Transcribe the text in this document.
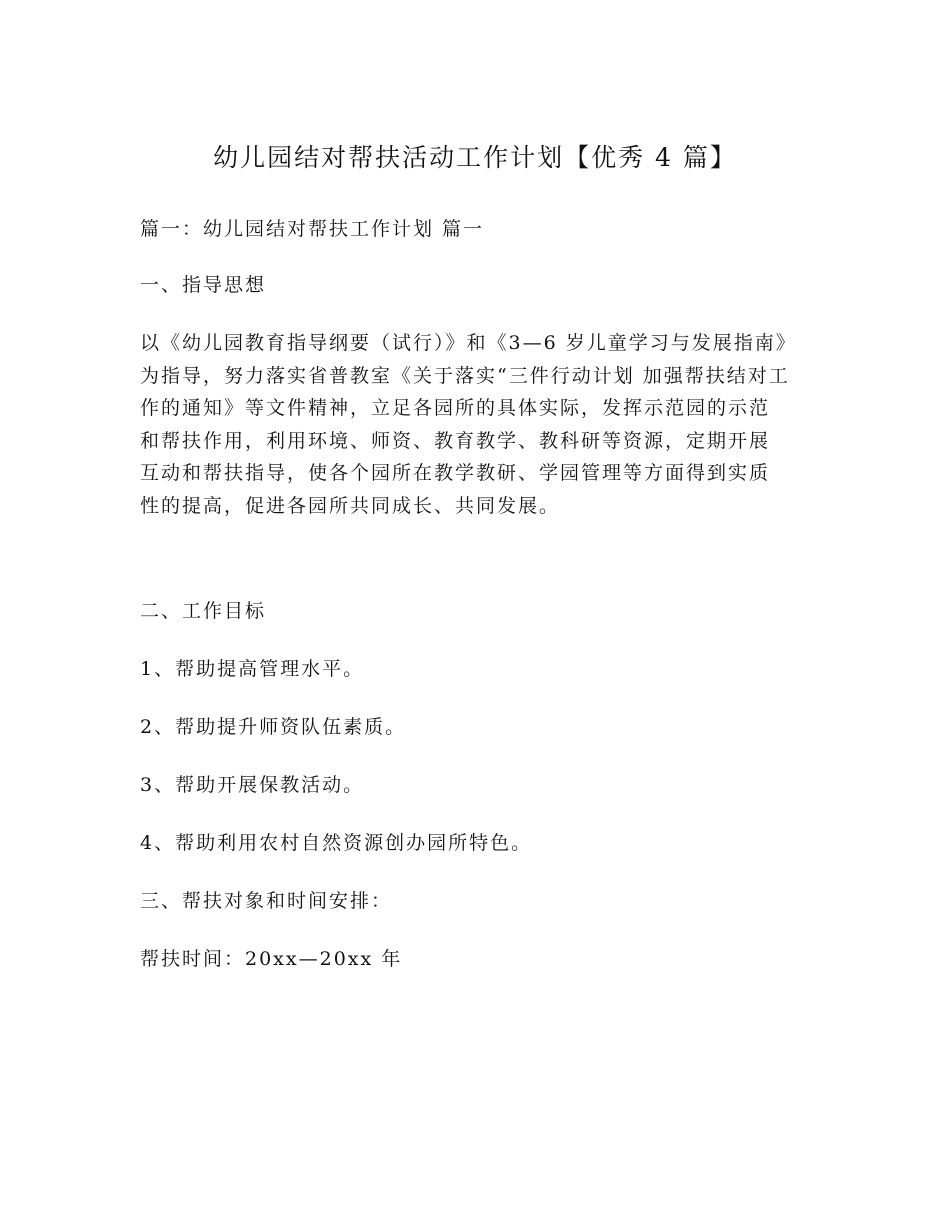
幼儿园结对帮扶活动工作计划【优秀 4 篇】

篇一：幼儿园结对帮扶工作计划 篇一

一、指导思想

以《幼儿园教育指导纲要（试行）》和《3—6 岁儿童学习与发展指南》
为指导，努力落实省普教室《关于落实“三件行动计划 加强帮扶结对工
作的通知》等文件精神，立足各园所的具体实际，发挥示范园的示范
和帮扶作用，利用环境、师资、教育教学、教科研等资源，定期开展
互动和帮扶指导，使各个园所在教学教研、学园管理等方面得到实质
性的提高，促进各园所共同成长、共同发展。

二、工作目标

1、帮助提高管理水平。

2、帮助提升师资队伍素质。

3、帮助开展保教活动。

4、帮助利用农村自然资源创办园所特色。

三、帮扶对象和时间安排：

帮扶时间：20xx—20xx 年
